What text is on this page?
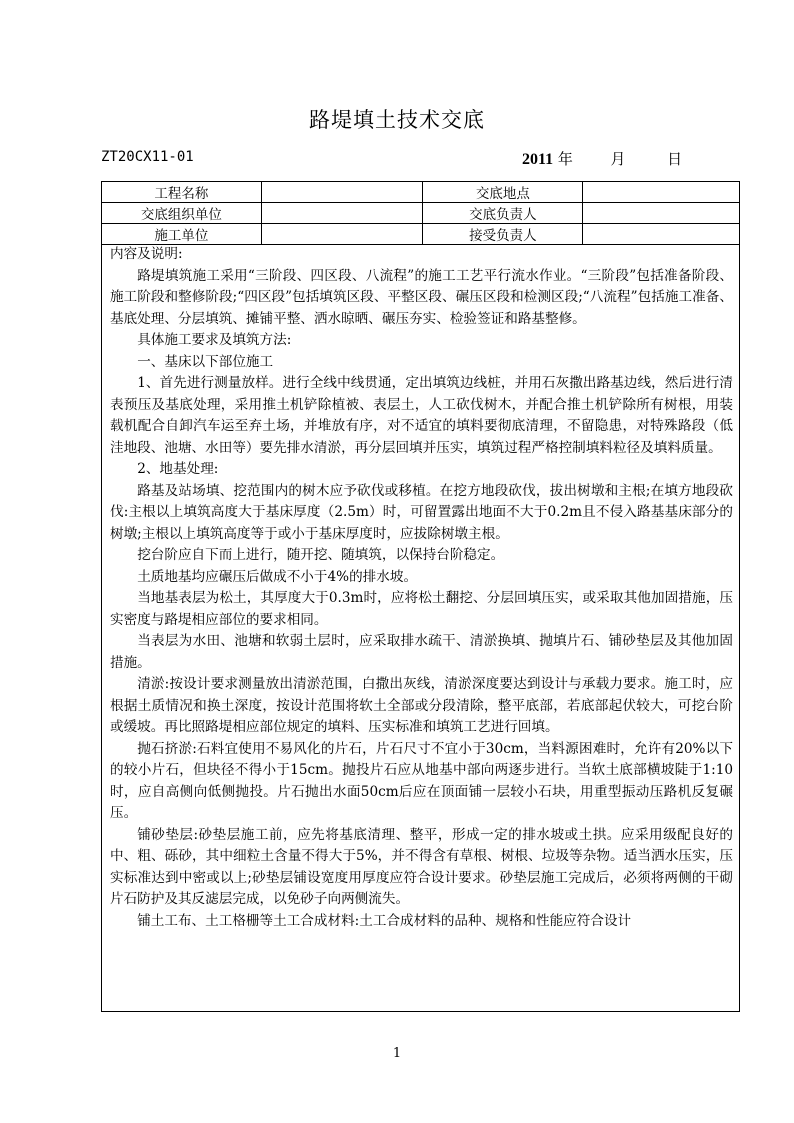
路堤填土技术交底
ZT20CX11-01	2011 年	月	日
工程名称		交底地点	
交底组织单位		交底负责人	
施工单位		接受负责人	

内容及说明:

路堤填筑施工采用“三阶段、四区段、八流程”的施工工艺平行流水作业。“三阶段”包括准备阶段、施工阶段和整修阶段;“四区段”包括填筑区段、平整区段、碾压区段和检测区段;“八流程”包括施工准备、基底处理、分层填筑、摊铺平整、洒水晾晒、碾压夯实、检验签证和路基整修。

具体施工要求及填筑方法:

一、基床以下部位施工

1、首先进行测量放样。进行全线中线贯通，定出填筑边线桩，并用石灰撒出路基边线，然后进行清表预压及基底处理，采用推土机铲除植被、表层土，人工砍伐树木，并配合推土机铲除所有树根，用装载机配合自卸汽车运至弃土场，并堆放有序，对不适宜的填料要彻底清理，不留隐患，对特殊路段（低洼地段、池塘、水田等）要先排水清淤，再分层回填并压实，填筑过程严格控制填料粒径及填料质量。

2、地基处理:

路基及站场填、挖范围内的树木应予砍伐或移植。在挖方地段砍伐，拔出树墩和主根;在填方地段砍伐:主根以上填筑高度大于基床厚度（2.5m）时，可留置露出地面不大于0.2m且不侵入路基基床部分的树墩;主根以上填筑高度等于或小于基床厚度时，应拔除树墩主根。

挖台阶应自下而上进行，随开挖、随填筑，以保持台阶稳定。

土质地基均应碾压后做成不小于4%的排水坡。

当地基表层为松土，其厚度大于0.3m时，应将松土翻挖、分层回填压实，或采取其他加固措施，压实密度与路堤相应部位的要求相同。

当表层为水田、池塘和软弱土层时，应采取排水疏干、清淤换填、抛填片石、铺砂垫层及其他加固措施。

清淤:按设计要求测量放出清淤范围，白撒出灰线，清淤深度要达到设计与承载力要求。施工时，应根据土质情况和换土深度，按设计范围将软土全部或分段清除，整平底部，若底部起伏较大，可挖台阶或缓坡。再比照路堤相应部位规定的填料、压实标准和填筑工艺进行回填。

抛石挤淤:石料宜使用不易风化的片石，片石尺寸不宜小于30cm，当料源困难时，允许有20%以下的较小片石，但块径不得小于15cm。抛投片石应从地基中部向两逐步进行。当软土底部横坡陡于1:10时，应自高侧向低侧抛投。片石抛出水面50cm后应在顶面铺一层较小石块，用重型振动压路机反复碾压。

铺砂垫层:砂垫层施工前，应先将基底清理、整平，形成一定的排水坡或土拱。应采用级配良好的中、粗、砾砂，其中细粒土含量不得大于5%，并不得含有草根、树根、垃圾等杂物。适当洒水压实，压实标准达到中密或以上;砂垫层铺设宽度用厚度应符合设计要求。砂垫层施工完成后，必须将两侧的干砌片石防护及其反滤层完成，以免砂子向两侧流失。

铺土工布、土工格栅等土工合成材料:土工合成材料的品种、规格和性能应符合设计

1
